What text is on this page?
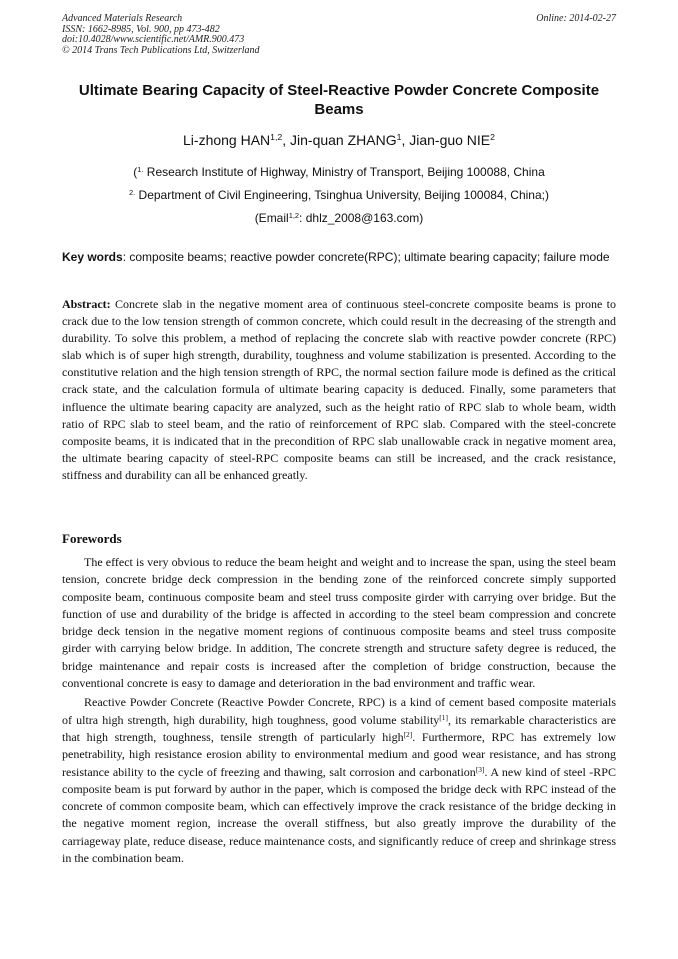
Advanced Materials Research
ISSN: 1662-8985, Vol. 900, pp 473-482
doi:10.4028/www.scientific.net/AMR.900.473
© 2014 Trans Tech Publications Ltd, Switzerland
Online: 2014-02-27
Ultimate Bearing Capacity of Steel-Reactive Powder Concrete Composite Beams
Li-zhong HAN$^{1,2}$, Jin-quan ZHANG$^1$, Jian-guo NIE$^2$
($^{1.}$ Research Institute of Highway, Ministry of Transport, Beijing 100088, China
$^{2.}$ Department of Civil Engineering, Tsinghua University, Beijing 100084, China;)
(Email$^{1,2}$: dhlz_2008@163.com)
Key words: composite beams; reactive powder concrete(RPC); ultimate bearing capacity; failure mode
Abstract: Concrete slab in the negative moment area of continuous steel-concrete composite beams is prone to crack due to the low tension strength of common concrete, which could result in the decreasing of the strength and durability. To solve this problem, a method of replacing the concrete slab with reactive powder concrete (RPC) slab which is of super high strength, durability, toughness and volume stabilization is presented. According to the constitutive relation and the high tension strength of RPC, the normal section failure mode is defined as the critical crack state, and the calculation formula of ultimate bearing capacity is deduced. Finally, some parameters that influence the ultimate bearing capacity are analyzed, such as the height ratio of RPC slab to whole beam, width ratio of RPC slab to steel beam, and the ratio of reinforcement of RPC slab. Compared with the steel-concrete composite beams, it is indicated that in the precondition of RPC slab unallowable crack in negative moment area, the ultimate bearing capacity of steel-RPC composite beams can still be increased, and the crack resistance, stiffness and durability can all be enhanced greatly.
Forewords

The effect is very obvious to reduce the beam height and weight and to increase the span, using the steel beam tension, concrete bridge deck compression in the bending zone of the reinforced concrete simply supported composite beam, continuous composite beam and steel truss composite girder with carrying over bridge. But the function of use and durability of the bridge is affected in according to the steel beam compression and concrete bridge deck tension in the negative moment regions of continuous composite beams and steel truss composite girder with carrying below bridge. In addition, The concrete strength and structure safety degree is reduced, the bridge maintenance and repair costs is increased after the completion of bridge construction, because the conventional concrete is easy to damage and deterioration in the bad environment and traffic wear.

Reactive Powder Concrete (Reactive Powder Concrete, RPC) is a kind of cement based composite materials of ultra high strength, high durability, high toughness, good volume stability[1], its remarkable characteristics are that high strength, toughness, tensile strength of particularly high[2]. Furthermore, RPC has extremely low penetrability, high resistance erosion ability to environmental medium and good wear resistance, and has strong resistance ability to the cycle of freezing and thawing, salt corrosion and carbonation[3]. A new kind of steel -RPC composite beam is put forward by author in the paper, which is composed the bridge deck with RPC instead of the concrete of common composite beam, which can effectively improve the crack resistance of the bridge decking in the negative moment region, increase the overall stiffness, but also greatly improve the durability of the carriageway plate, reduce disease, reduce maintenance costs, and significantly reduce of creep and shrinkage stress in the combination beam.
